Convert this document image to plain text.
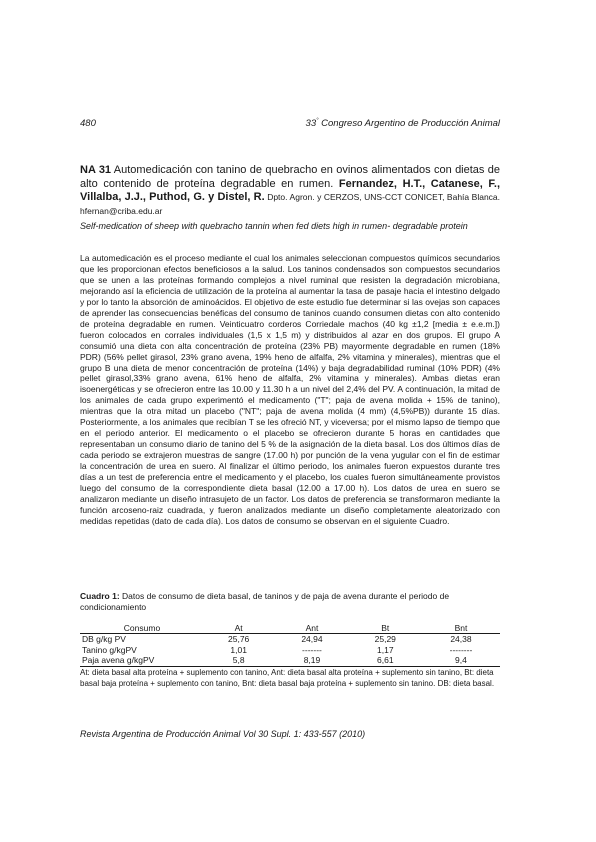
480	33° Congreso Argentino de Producción Animal
NA 31 Automedicación con tanino de quebracho en ovinos alimentados con dietas de alto contenido de proteína degradable en rumen. Fernandez, H.T., Catanese, F., Villalba, J.J., Puthod, G. y Distel, R. Dpto. Agron. y CERZOS, UNS-CCT CONICET, Bahía Blanca. hfernan@criba.edu.ar
Self-medication of sheep with quebracho tannin when fed diets high in rumen- degradable protein

La automedicación es el proceso mediante el cual los animales seleccionan compuestos químicos secundarios que les proporcionan efectos beneficiosos a la salud. Los taninos condensados son compuestos secundarios que se unen a las proteínas formando complejos a nivel ruminal que resisten la degradación microbiana, mejorando así la eficiencia de utilización de la proteína al aumentar la tasa de pasaje hacia el intestino delgado y por lo tanto la absorción de aminoácidos. El objetivo de este estudio fue determinar si las ovejas son capaces de aprender las consecuencias benéficas del consumo de taninos cuando consumen dietas con alto contenido de proteína degradable en rumen. Veinticuatro corderos Corriedale machos (40 kg ±1,2 [media ± e.e.m.]) fueron colocados en corrales individuales (1,5 x 1,5 m) y distribuidos al azar en dos grupos. El grupo A consumió una dieta con alta concentración de proteína (23% PB) mayormente degradable en rumen (18% PDR) (56% pellet girasol, 23% grano avena, 19% heno de alfalfa, 2% vitamina y minerales), mientras que el grupo B una dieta de menor concentración de proteína (14%) y baja degradabilidad ruminal (10% PDR) (4% pellet girasol,33% grano avena, 61% heno de alfalfa, 2% vitamina y minerales). Ambas dietas eran isoenergéticas y se ofrecieron entre las 10.00 y 11.30 h a un nivel del 2,4% del PV. A continuación, la mitad de los animales de cada grupo experimentó el medicamento ("T"; paja de avena molida + 15% de tanino), mientras que la otra mitad un placebo ("NT"; paja de avena molida (4 mm) (4,5%PB)) durante 15 días. Posteriormente, a los animales que recibían T se les ofreció NT, y viceversa; por el mismo lapso de tiempo que en el periodo anterior. El medicamento o el placebo se ofrecieron durante 5 horas en cantidades que representaban un consumo diario de tanino del 5 % de la asignación de la dieta basal. Los dos últimos días de cada periodo se extrajeron muestras de sangre (17.00 h) por punción de la vena yugular con el fin de estimar la concentración de urea en suero. Al finalizar el último periodo, los animales fueron expuestos durante tres días a un test de preferencia entre el medicamento y el placebo, los cuales fueron simultáneamente provistos luego del consumo de la correspondiente dieta basal (12.00 a 17.00 h). Los datos de urea en suero se analizaron mediante un diseño intrasujeto de un factor. Los datos de preferencia se transformaron mediante la función arcoseno-raiz cuadrada, y fueron analizados mediante un diseño completamente aleatorizado con medidas repetidas (dato de cada día). Los datos de consumo se observan en el siguiente Cuadro.

Cuadro 1: Datos de consumo de dieta basal, de taninos y de paja de avena durante el periodo de condicionamiento
Consumo	At	Ant	Bt	Bnt
DB g/kg PV	25,76	24,94	25,29	24,38
Tanino g/kgPV	1,01	-------	1,17	--------
Paja avena g/kgPV	5,8	8,19	6,61	9,4
At: dieta basal alta proteína + suplemento con tanino, Ant: dieta basal alta proteína + suplemento sin tanino, Bt: dieta basal baja proteína + suplemento con tanino, Bnt: dieta basal baja proteína + suplemento sin tanino. DB: dieta basal.
Revista Argentina de Producción Animal Vol 30 Supl. 1: 433-557 (2010)
